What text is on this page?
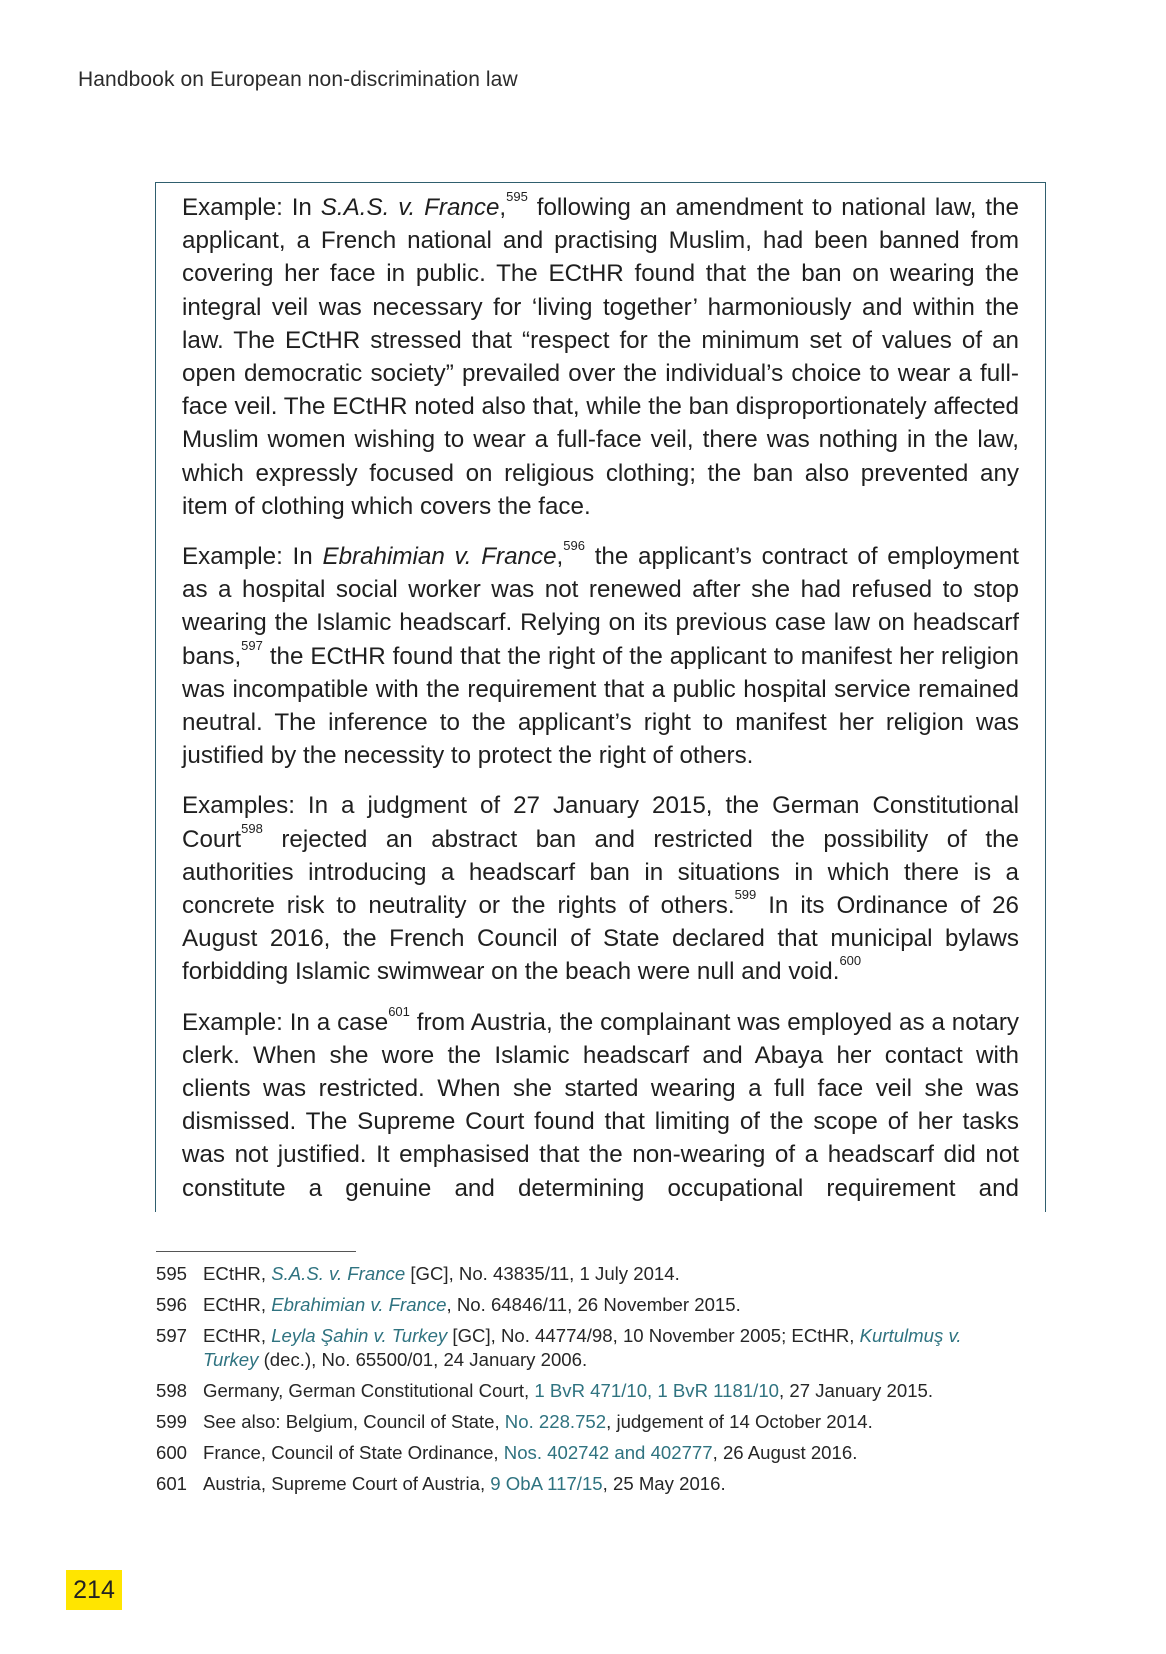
Handbook on European non-discrimination law

Example: In S.A.S. v. France,$^{595}$ following an amendment to national law, the applicant, a French national and practising Muslim, had been banned from covering her face in public. The ECtHR found that the ban on wearing the integral veil was necessary for ‘living together’ harmoniously and within the law. The ECtHR stressed that “respect for the minimum set of values of an open democratic society” prevailed over the individual’s choice to wear a full-face veil. The ECtHR noted also that, while the ban disproportionately affected Muslim women wishing to wear a full-face veil, there was nothing in the law, which expressly focused on religious clothing; the ban also prevented any item of clothing which covers the face.

Example: In Ebrahimian v. France,$^{596}$ the applicant’s contract of employment as a hospital social worker was not renewed after she had refused to stop wearing the Islamic headscarf. Relying on its previous case law on headscarf bans,$^{597}$ the ECtHR found that the right of the applicant to manifest her religion was incompatible with the requirement that a public hospital service remained neutral. The inference to the applicant’s right to manifest her religion was justified by the necessity to protect the right of others.

Examples: In a judgment of 27 January 2015, the German Constitutional Court$^{598}$ rejected an abstract ban and restricted the possibility of the authorities introducing a headscarf ban in situations in which there is a concrete risk to neutrality or the rights of others.$^{599}$ In its Ordinance of 26 August 2016, the French Council of State declared that municipal bylaws forbidding Islamic swimwear on the beach were null and void.$^{600}$

Example: In a case$^{601}$ from Austria, the complainant was employed as a notary clerk. When she wore the Islamic headscarf and Abaya her contact with clients was restricted. When she started wearing a full face veil she was dismissed. The Supreme Court found that limiting of the scope of her tasks was not justified. It emphasised that the non-wearing of a headscarf did not constitute a genuine and determining occupational requirement and

595 ECtHR, S.A.S. v. France [GC], No. 43835/11, 1 July 2014.
596 ECtHR, Ebrahimian v. France, No. 64846/11, 26 November 2015.
597 ECtHR, Leyla Şahin v. Turkey [GC], No. 44774/98, 10 November 2005; ECtHR, Kurtulmuş v. Turkey (dec.), No. 65500/01, 24 January 2006.
598 Germany, German Constitutional Court, 1 BvR 471/10, 1 BvR 1181/10, 27 January 2015.
599 See also: Belgium, Council of State, No. 228.752, judgement of 14 October 2014.
600 France, Council of State Ordinance, Nos. 402742 and 402777, 26 August 2016.
601 Austria, Supreme Court of Austria, 9 ObA 117/15, 25 May 2016.
214
